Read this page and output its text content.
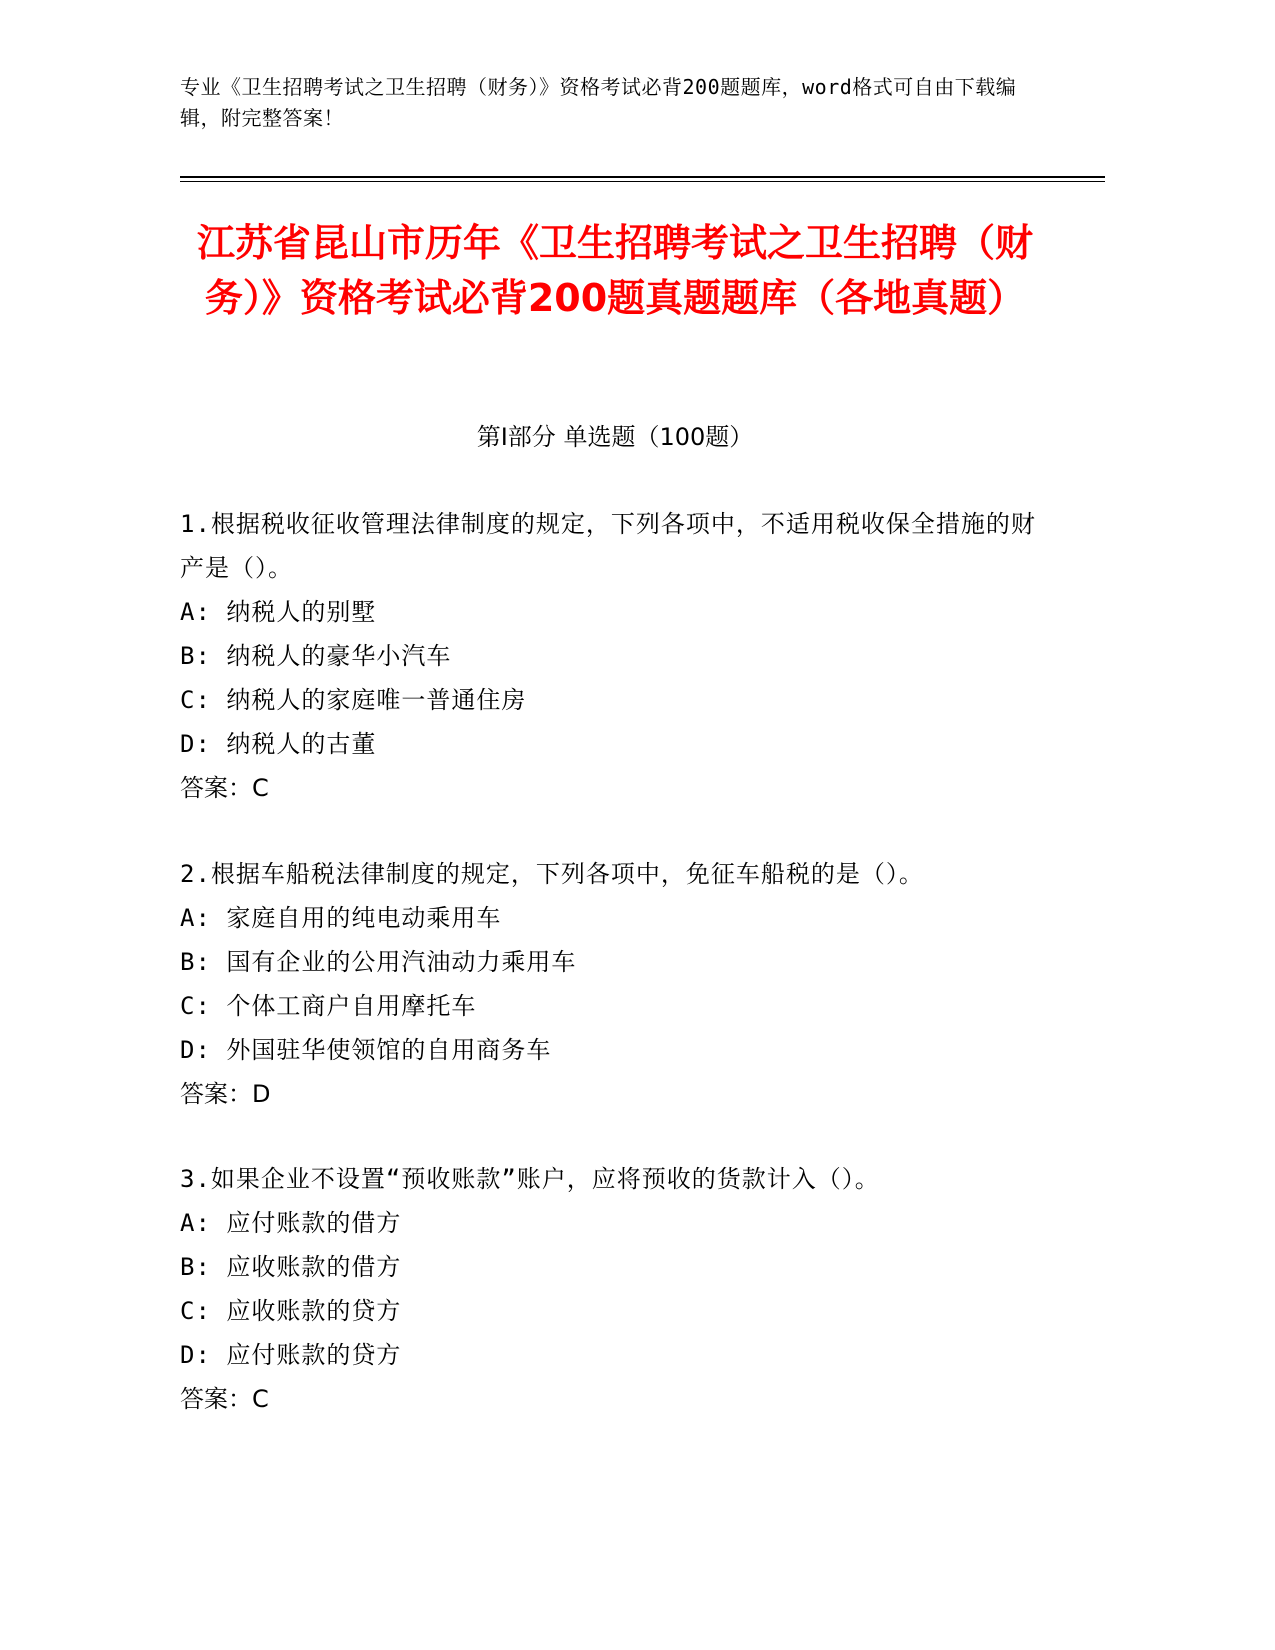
专业《卫生招聘考试之卫生招聘（财务）》资格考试必背200题题库，word格式可自由下载编辑，附完整答案！
江苏省昆山市历年《卫生招聘考试之卫生招聘（财务）》资格考试必背200题真题题库（各地真题）
第Ⅰ部分 单选题（100题）

1.根据税收征收管理法律制度的规定，下列各项中，不适用税收保全措施的财产是（）。

A: 纳税人的别墅

B: 纳税人的豪华小汽车

C: 纳税人的家庭唯一普通住房

D: 纳税人的古董

答案：C

2.根据车船税法律制度的规定，下列各项中，免征车船税的是（）。

A: 家庭自用的纯电动乘用车

B: 国有企业的公用汽油动力乘用车

C: 个体工商户自用摩托车

D: 外国驻华使领馆的自用商务车

答案：D

3.如果企业不设置“预收账款”账户，应将预收的货款计入（）。

A: 应付账款的借方

B: 应收账款的借方

C: 应收账款的贷方

D: 应付账款的贷方

答案：C
